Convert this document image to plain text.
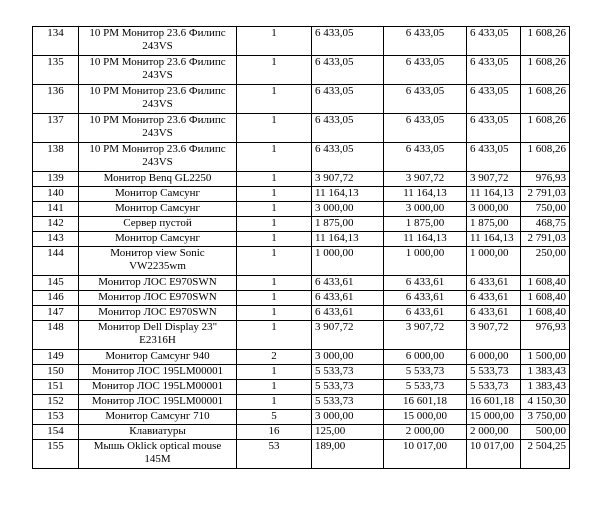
134	10 PM Монитор 23.6 Филипс 243VS	1	6 433,05	6 433,05	6 433,05	1 608,26
135	10 PM Монитор 23.6 Филипс 243VS	1	6 433,05	6 433,05	6 433,05	1 608,26
136	10 PM Монитор 23.6 Филипс 243VS	1	6 433,05	6 433,05	6 433,05	1 608,26
137	10 PM Монитор 23.6 Филипс 243VS	1	6 433,05	6 433,05	6 433,05	1 608,26
138	10 PM Монитор 23.6 Филипс 243VS	1	6 433,05	6 433,05	6 433,05	1 608,26
139	Монитор Benq GL2250	1	3 907,72	3 907,72	3 907,72	976,93
140	Монитор Самсунг	1	11 164,13	11 164,13	11 164,13	2 791,03
141	Монитор Самсунг	1	3 000,00	3 000,00	3 000,00	750,00
142	Сервер пустой	1	1 875,00	1 875,00	1 875,00	468,75
143	Монитор Самсунг	1	11 164,13	11 164,13	11 164,13	2 791,03
144	Монитор view Sonic VW2235wm	1	1 000,00	1 000,00	1 000,00	250,00
145	Монитор ЛОС E970SWN	1	6 433,61	6 433,61	6 433,61	1 608,40
146	Монитор ЛОС E970SWN	1	6 433,61	6 433,61	6 433,61	1 608,40
147	Монитор ЛОС E970SWN	1	6 433,61	6 433,61	6 433,61	1 608,40
148	Монитор Dell Display 23" E2316H	1	3 907,72	3 907,72	3 907,72	976,93
149	Монитор Самсунг 940	2	3 000,00	6 000,00	6 000,00	1 500,00
150	Монитор ЛОС 195LM00001	1	5 533,73	5 533,73	5 533,73	1 383,43
151	Монитор ЛОС 195LM00001	1	5 533,73	5 533,73	5 533,73	1 383,43
152	Монитор ЛОС 195LM00001	1	5 533,73	16 601,18	16 601,18	4 150,30
153	Монитор Самсунг 710	5	3 000,00	15 000,00	15 000,00	3 750,00
154	Клавиатуры	16	125,00	2 000,00	2 000,00	500,00
155	Мышь Oklick optical mouse 145M	53	189,00	10 017,00	10 017,00	2 504,25
